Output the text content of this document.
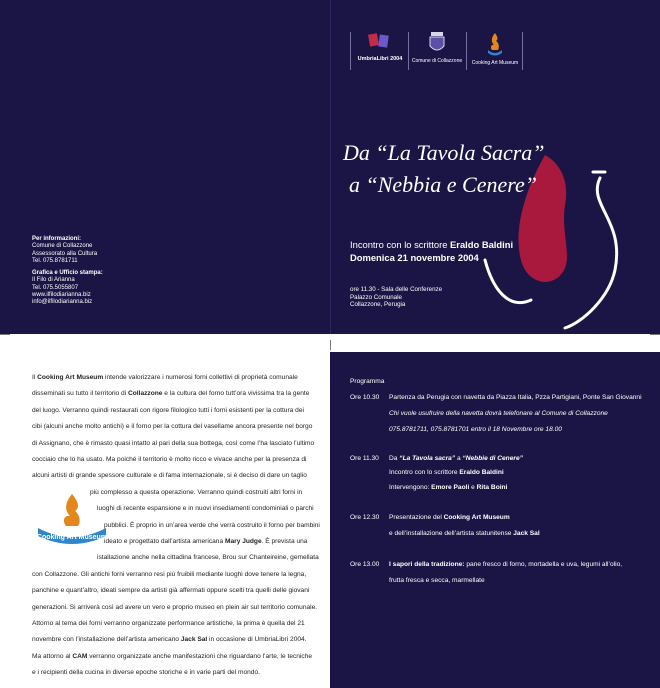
UmbriaLibri 2004	Comune di Collazzone	Cooking Art Museum
Per informazioni:
Comune di Collazzone
Assessorato alla Cultura
Tel. 075.8781711
Grafica e Ufficio stampa:
Il Filo di Arianna
Tel. 075.5055807
www.ilfilodiarianna.biz
info@ilfilodiarianna.biz
Da “La Tavola Sacra”
a “Nebbia e Cenere”
Incontro con lo scrittore Eraldo Baldini
Domenica 21 novembre 2004
ore 11.30 - Sala delle Conferenze
Palazzo Comunale
Collazzone, Perugia
Il Cooking Art Museum intende valorizzare i numerosi forni collettivi di proprietà comunale
disseminati su tutto il territorio di Collazzone e la cultura del forno tutt’ora vivissima tra la gente
del luogo. Verranno quindi restaurati con rigore filologico tutti i forni esistenti per la cottura dei
cibi (alcuni anche molto antichi) e il forno per la cottura del vasellame ancora presente nel borgo
di Assignano, che è rimasto quasi intatto al pari della sua bottega, così come l’ha lasciato l’ultimo
cocciaio che lo ha usato. Ma poiché il territorio è molto ricco e vivace anche per la presenza di
alcuni artisti di grande spessore culturale e di fama internazionale, si è deciso di dare un taglio
più complesso a questa operazione. Verranno quindi costruiti altri forni in
luoghi di recente espansione e in nuovi insediamenti condominiali o parchi
pubblici. È proprio in un’area verde che verrà costruito il forno per bambini
ideato e progettato dall’artista americana Mary Judge. È prevista una
istallazione anche nella cittadina francese, Brou sur Chanteireine, gemellata
con Collazzone. Gli antichi forni verranno resi più fruibili mediante luoghi dove tenere la legna,
panchine e quant’altro, ideati sempre da artisti già affermati oppure scelti tra quelli delle giovani
generazioni. Si arriverà così ad avere un vero e proprio museo en plein air sul territorio comunale.
Attorno al tema dei forni verranno organizzate performance artistiche, la prima è quella del 21
novembre con l’installazione dell’artista americano Jack Sal in occasione di UmbriaLibri 2004.
Cooking Art Museum
Programma
Ore 10.30 Partenza da Perugia con navetta da Piazza Italia, Pzza Partigiani, Ponte San Giovanni
Chi vuole usufruire della navetta dovrà telefonare al Comune di Collazzone
075.8781711, 075.8781701 entro il 18 Novembre ore 18.00
Ore 11.30 Da “La Tavola sacra” a “Nebbie di Cenere”
Incontro con lo scrittore Eraldo Baldini
Intervengono: Emore Paoli e Rita Boini
Ore 12.30 Presentazione del Cooking Art Museum
e dell’installazione dell’artista statunitense Jack Sal
Ore 13.00 I sapori della tradizione: pane fresco di forno, mortadella e uva, legumi all’olio,
frutta fresca e secca, marmellate
Ma attorno al CAM verranno organizzate anche manifestazioni che riguardano l’arte, le tecniche
e i recipienti della cucina in diverse epoche storiche e in varie parti del mondo.
